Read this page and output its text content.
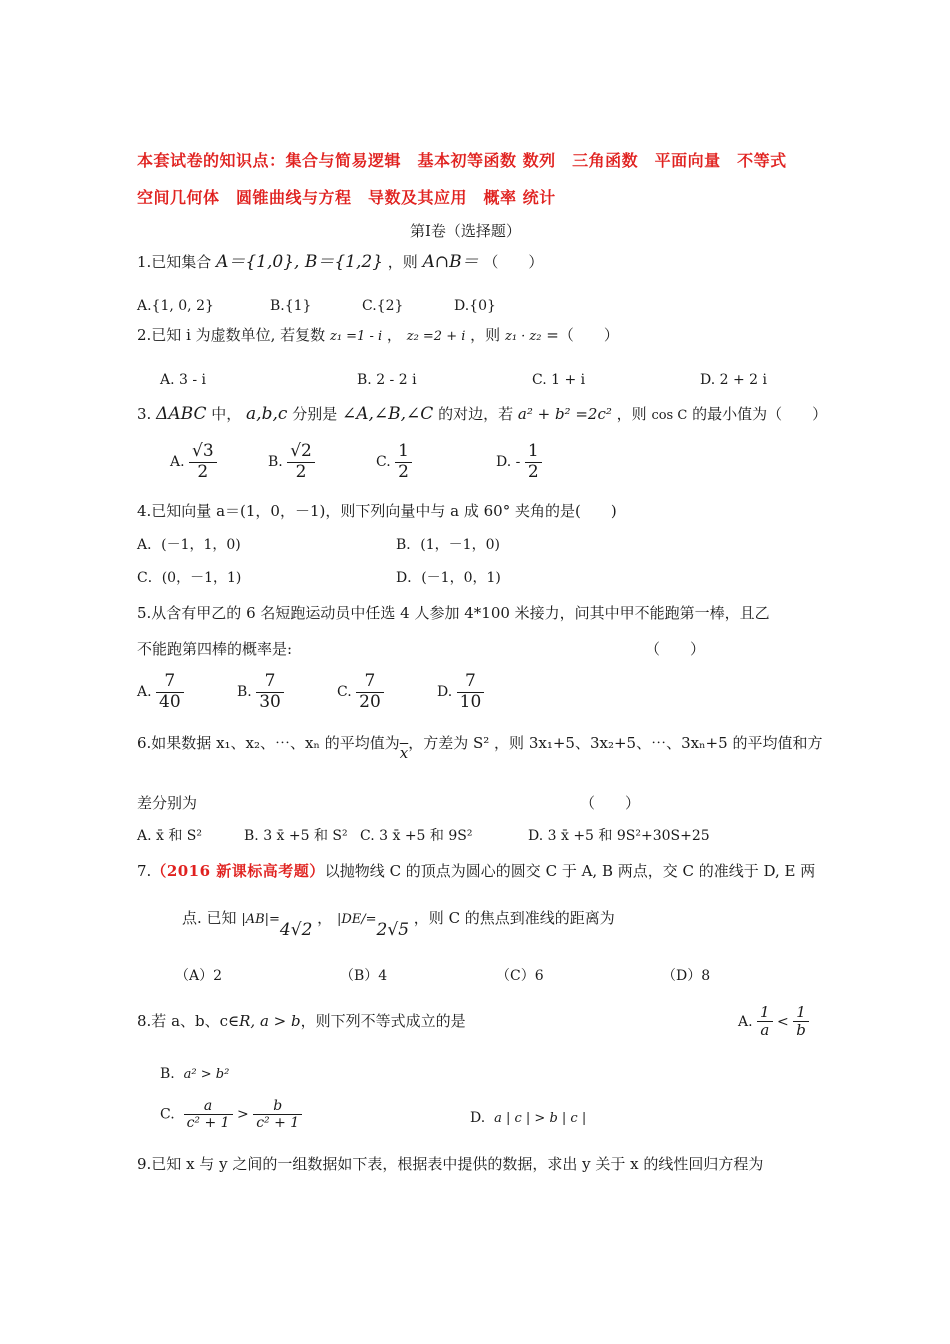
本套试卷的知识点：集合与简易逻辑　基本初等函数 数列　三角函数　平面向量　不等式
空间几何体　圆锥曲线与方程　导数及其应用　概率 统计
第Ⅰ卷（选择题）
1.已知集合 A＝{1,0}, B＝{1,2} ，则 A∩B＝ （　　）
A.{1, 0, 2}	B.{1}	C.{2}	D.{0}
2.已知 i 为虚数单位, 若复数 z₁ =1 - i ， z₂ =2 + i ，则 z₁ · z₂ =（　　）
A. 3 - i	B. 2 - 2 i	C. 1 + i	D. 2 + 2 i
3. ΔABC 中， a,b,c 分别是 ∠A,∠B,∠C 的对边，若 a² + b² =2c² ，则 cos C 的最小值为（　　）
A. $\frac{√3}{2}$	B. $\frac{√2}{2}$	C. $\frac{1}{2}$	D. - $\frac{1}{2}$
4.已知向量 a＝(1，0，－1)，则下列向量中与 a 成 60° 夹角的是(　　)
A．(－1，1，0)	B．(1，－1，0)
C．(0，－1，1)	D．(－1，0，1)
5.从含有甲乙的 6 名短跑运动员中任选 4 人参加 4*100 米接力，问其中甲不能跑第一棒，且乙
不能跑第四棒的概率是:	（　　）
A. $\frac{7}{40}$	B. $\frac{7}{30}$	C. $\frac{7}{20}$	D. $\frac{7}{10}$
6.如果数据 x₁、x₂、⋯、xₙ 的平均值为$\overline{x}$，方差为 S² ，则 3x₁+5、3x₂+5、⋯、3xₙ+5 的平均值和方
差分别为	（　　）
A. x̄ 和 S²	B. 3 x̄ +5 和 S² C. 3 x̄ +5 和 9S²	D. 3 x̄ +5 和 9S²+30S+25
7.（2016 新课标高考题）以抛物线 C 的顶点为圆心的圆交 C 于 A, B 两点，交 C 的准线于 D, E 两
点. 已知 |AB|=4√2 ， |DE/=2√5 ，则 C 的焦点到准线的距离为
（A）2	（B）4	（C）6	（D）8
8.若 a、b、c∈R, a > b，则下列不等式成立的是	A. $\frac{1}{a} < \frac{1}{b}$
B. a² > b²
C. $\frac{a}{\text{c² + 1}} > \frac{b}{\text{c² + 1}}$	D. a | c | > b | c |
9.已知 x 与 y 之间的一组数据如下表，根据表中提供的数据，求出 y 关于 x 的线性回归方程为
